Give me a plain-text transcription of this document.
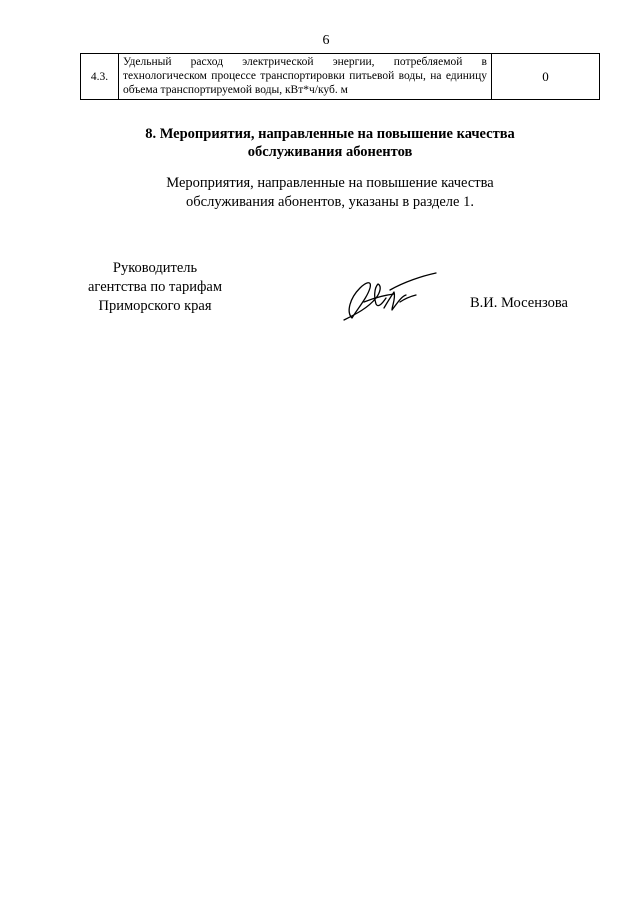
6
4.3.	Удельный расход электрической энергии, потребляемой в технологическом процессе транспортировки питьевой воды, на единицу объема транспортируемой воды, кВт*ч/куб. м	0
8. Мероприятия, направленные на повышение качества
обслуживания абонентов
Мероприятия, направленные на повышение качества
обслуживания абонентов, указаны в разделе 1.
Руководитель
агентства по тарифам
Приморского края	В.И. Мосензова
